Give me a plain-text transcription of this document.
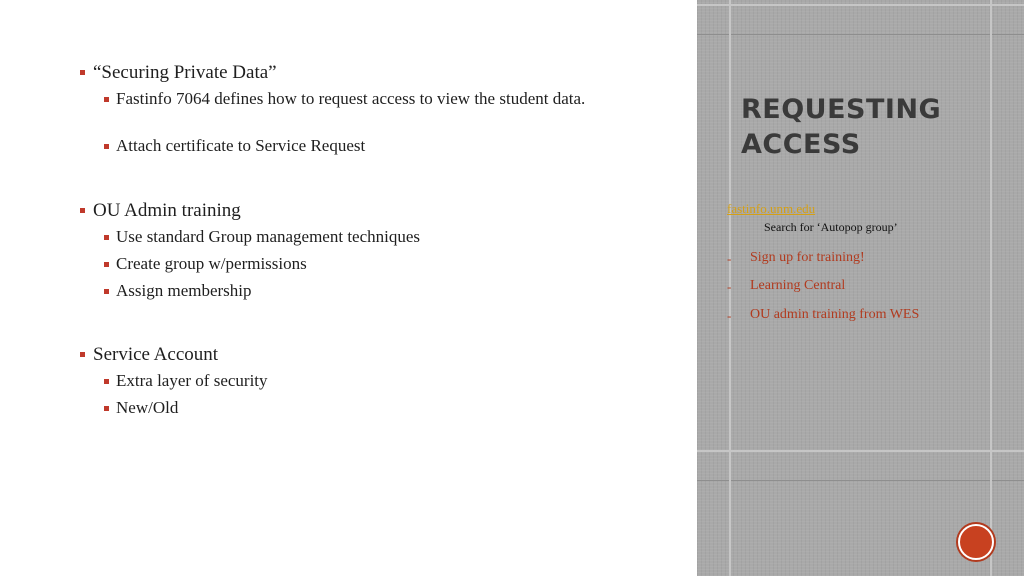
“Securing Private Data”
Fastinfo 7064 defines how to request access to view the student data.
Attach certificate to Service Request
OU Admin training
Use standard Group management techniques
Create group w/permissions
Assign membership
Service Account
Extra layer of security
New/Old
REQUESTING ACCESS
fastinfo.unm.edu
Search for ‘Autopop group’
- Sign up for training!
- Learning Central
- OU admin training from WES
